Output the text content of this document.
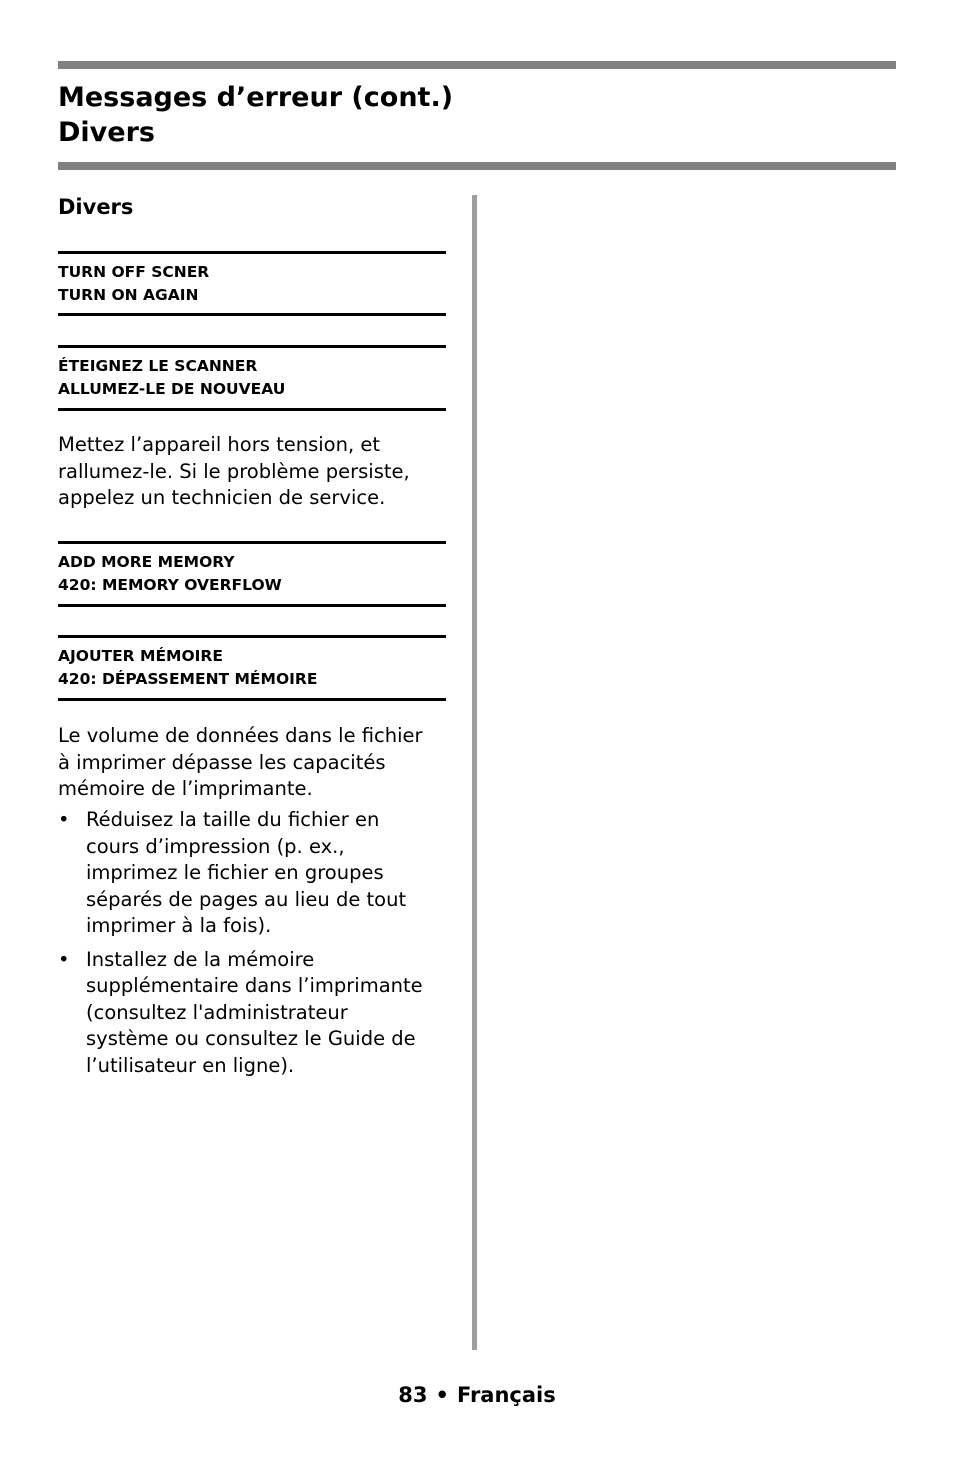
Messages d’erreur (cont.)
Divers
Divers
TURN OFF SCNER
TURN ON AGAIN
ÉTEIGNEZ LE SCANNER
ALLUMEZ-LE DE NOUVEAU

Mettez l’appareil hors tension, et
rallumez-le. Si le problème persiste,
appelez un technicien de service.

ADD MORE MEMORY
420: MEMORY OVERFLOW
AJOUTER MÉMOIRE
420: DÉPASSEMENT MÉMOIRE

Le volume de données dans le fichier
à imprimer dépasse les capacités
mémoire de l’imprimante.

• Réduisez la taille du fichier en
cours d’impression (p. ex.,
imprimez le fichier en groupes
séparés de pages au lieu de tout
imprimer à la fois).
• Installez de la mémoire
supplémentaire dans l’imprimante
(consultez l'administrateur
système ou consultez le Guide de
l’utilisateur en ligne).
83 • Français
